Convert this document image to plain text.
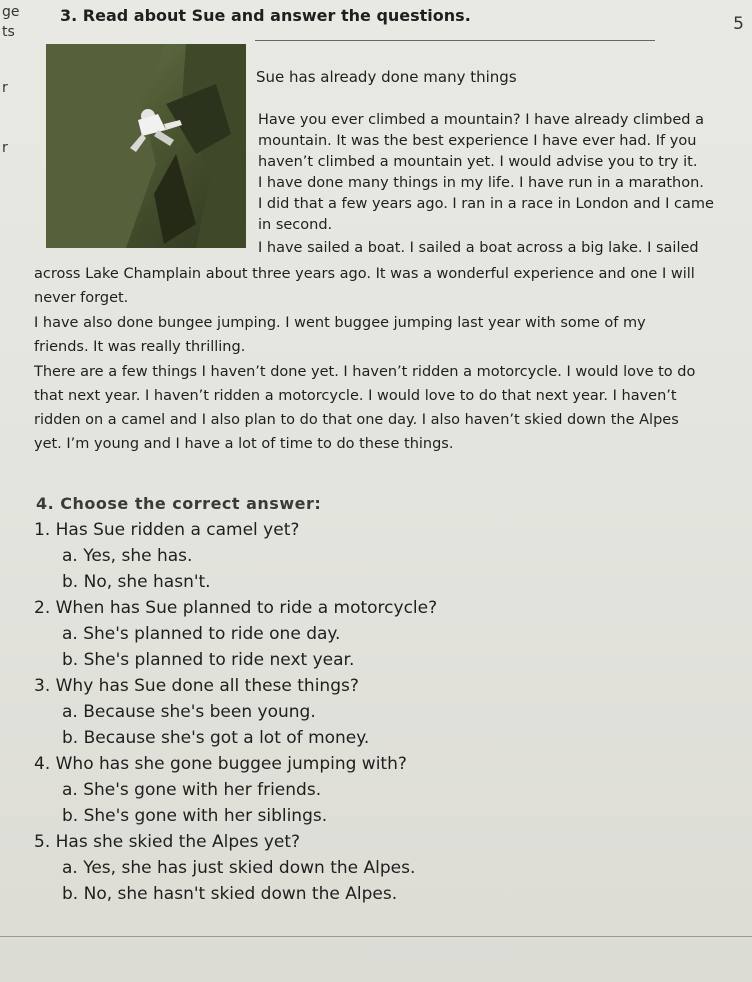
ge
ts
r
r
5
3. Read about Sue and answer the questions.
Sue has already done many things
Have you ever climbed a mountain? I have already climbed a
mountain. It was the best experience I have ever had. If you
haven’t climbed a mountain yet. I would advise you to try it.
I have done many things in my life. I have run in a marathon.
I did that a few years ago. I ran in a race in London and I came
in second.
I have sailed a boat. I sailed a boat across a big lake. I sailed
across Lake Champlain about three years ago. It was a wonderful experience and one I will
never forget.
I have also done bungee jumping. I went buggee jumping last year with some of my
friends. It was really thrilling.
There are a few things I haven’t done yet. I haven’t ridden a motorcycle. I would love to do
that next year. I haven’t ridden a motorcycle. I would love to do that next year. I haven’t
ridden on a camel and I also plan to do that one day. I also haven’t skied down the Alpes
yet. I’m young and I have a lot of time to do these things.
4. Choose the correct answer:
1. Has Sue ridden a camel yet?
a. Yes, she has.
b. No, she hasn't.
2. When has Sue planned to ride a motorcycle?
a. She's planned to ride one day.
b. She's planned to ride next year.
3. Why has Sue done all these things?
a. Because she's been young.
b. Because she's got a lot of money.
4. Who has she gone buggee jumping with?
a. She's gone with her friends.
b. She's gone with her siblings.
5. Has she skied the Alpes yet?
a. Yes, she has just skied down the Alpes.
b. No, she hasn't skied down the Alpes.
